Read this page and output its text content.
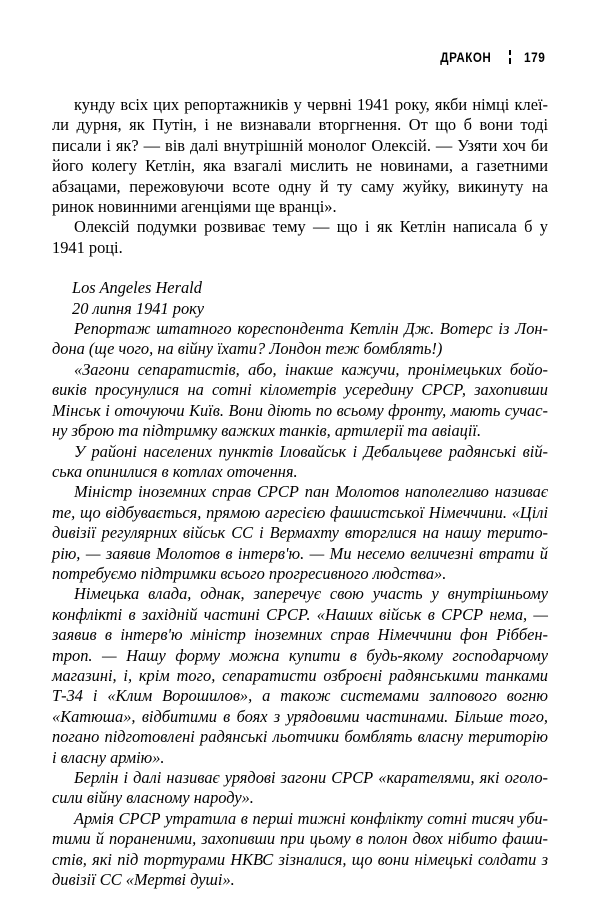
ДРАКОН 179

кунду всіх цих репортажників у червні 1941 року, якби німці клеїли дурня, як Путін, і не визнавали вторгнення. От що б вони тоді писали і як? — вів далі внутрішній монолог Олексій. — Узяти хоч би його колегу Кетлін, яка взагалі мислить не новинами, а газетними абзацами, пережовуючи всоте одну й ту саму жуйку, викинуту на ринок новинними агенціями ще вранці».

Олексій подумки розвиває тему — що і як Кетлін написала б у 1941 році.

Los Angeles Herald

20 липня 1941 року

Репортаж штатного кореспондента Кетлін Дж. Вотерс із Лондона (ще чого, на війну їхати? Лондон теж бомблять!)

«Загони сепаратистів, або, інакше кажучи, пронімецьких бойовиків просунулися на сотні кілометрів усередину СРСР, захопивши Мінськ і оточуючи Київ. Вони діють по всьому фронту, мають сучасну зброю та підтримку важких танків, артилерії та авіації.

У районі населених пунктів Іловайськ і Дебальцеве радянські війська опинилися в котлах оточення.

Міністр іноземних справ СРСР пан Молотов наполегливо називає те, що відбувається, прямою агресією фашистської Німеччини. «Цілі дивізії регулярних військ СС і Вермахту вторглися на нашу територію, — заявив Молотов в інтерв'ю. — Ми несемо величезні втрати й потребуємо підтримки всього прогресивного людства».

Німецька влада, однак, заперечує свою участь у внутрішньому конфлікті в західній частині СРСР. «Наших військ в СРСР нема, — заявив в інтерв'ю міністр іноземних справ Німеччини фон Ріббентроп. — Нашу форму можна купити в будь-якому господарчому магазині, і, крім того, сепаратисти озброєні радянськими танками Т-34 і «Клим Ворошилов», а також системами залпового вогню «Катюша», відбитими в боях з урядовими частинами. Більше того, погано підготовлені радянські льотчики бомблять власну територію і власну армію».

Берлін і далі називає урядові загони СРСР «карателями, які оголосили війну власному народу».

Армія СРСР утратила в перші тижні конфлікту сотні тисяч убитими й пораненими, захопивши при цьому в полон двох нібито фашистів, які під тортурами НКВС зізналися, що вони німецькі солдати з дивізії СС «Мертві душі».
